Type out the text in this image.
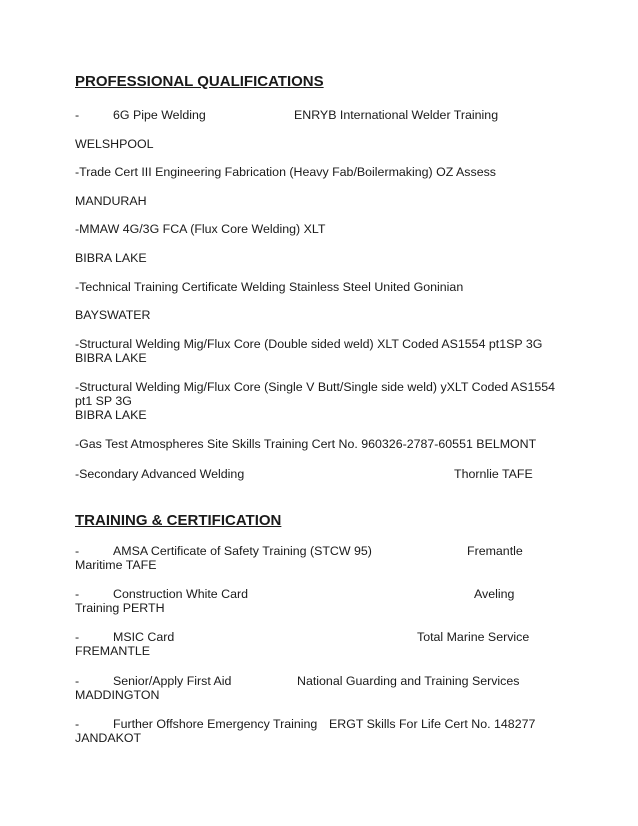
PROFESSIONAL QUALIFICATIONS
-	6G Pipe Welding	ENRYB International Welder Training
WELSHPOOL
-Trade Cert III Engineering Fabrication (Heavy Fab/Boilermaking) OZ Assess
MANDURAH
-MMAW 4G/3G FCA (Flux Core Welding) XLT
BIBRA LAKE
-Technical Training Certificate Welding Stainless Steel United Goninian
BAYSWATER
-Structural Welding Mig/Flux Core (Double sided weld) XLT Coded AS1554 pt1SP 3G
BIBRA LAKE
-Structural Welding Mig/Flux Core (Single V Butt/Single side weld) yXLT Coded AS1554
pt1 SP 3G
BIBRA LAKE
-Gas Test Atmospheres Site Skills Training Cert No. 960326-2787-60551 BELMONT
-Secondary Advanced Welding	Thornlie TAFE
TRAINING & CERTIFICATION
-	AMSA Certificate of Safety Training (STCW 95)	Fremantle
Maritime TAFE
-	Construction White Card	Aveling
Training PERTH
-	MSIC Card	Total Marine Service
FREMANTLE
-	Senior/Apply First Aid	National Guarding and Training Services
MADDINGTON
-	Further Offshore Emergency Training ERGT Skills For Life Cert No. 148277
JANDAKOT
